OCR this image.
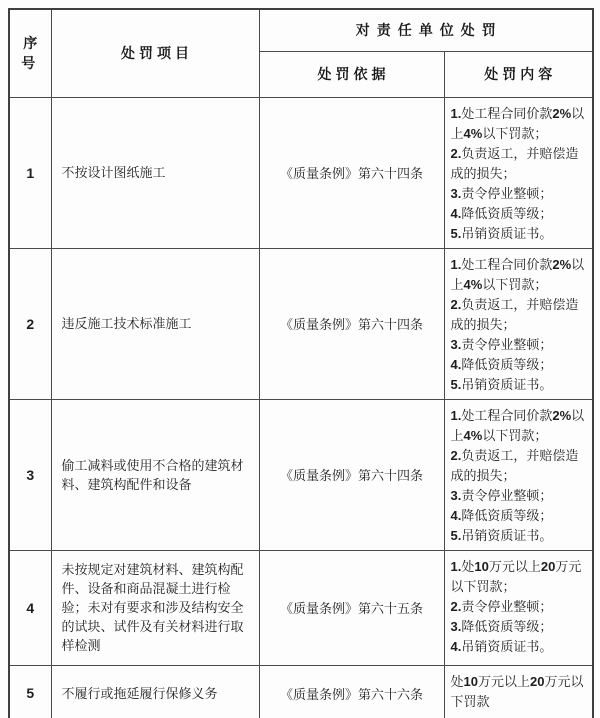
序号	处罚项目	对责任单位处罚	
		处罚依据	处罚内容
1	不按设计图纸施工	《质量条例》第六十四条	1.处工程合同价款2%以上4%以下罚款；
2.负责返工，并赔偿造成的损失；
3.责令停业整顿；
4.降低资质等级；
5.吊销资质证书。

2	违反施工技术标准施工	《质量条例》第六十四条	1.处工程合同价款2%以上4%以下罚款；
2.负责返工，并赔偿造成的损失；
3.责令停业整顿；
4.降低资质等级；
5.吊销资质证书。

3	偷工减料或使用不合格的建筑材料、建筑构配件和设备	《质量条例》第六十四条	1.处工程合同价款2%以上4%以下罚款；
2.负责返工，并赔偿造成的损失；
3.责令停业整顿；
4.降低资质等级；
5.吊销资质证书。

4	未按规定对建筑材料、建筑构配件、设备和商品混凝土进行检验；未对有要求和涉及结构安全的试块、试件及有关材料进行取样检测	《质量条例》第六十五条	1.处10万元以上20万元以下罚款；
2.责令停业整顿；
3.降低资质等级；
4.吊销资质证书。

5	不履行或拖延履行保修义务	《质量条例》第六十六条	处10万元以上20万元以下罚款
